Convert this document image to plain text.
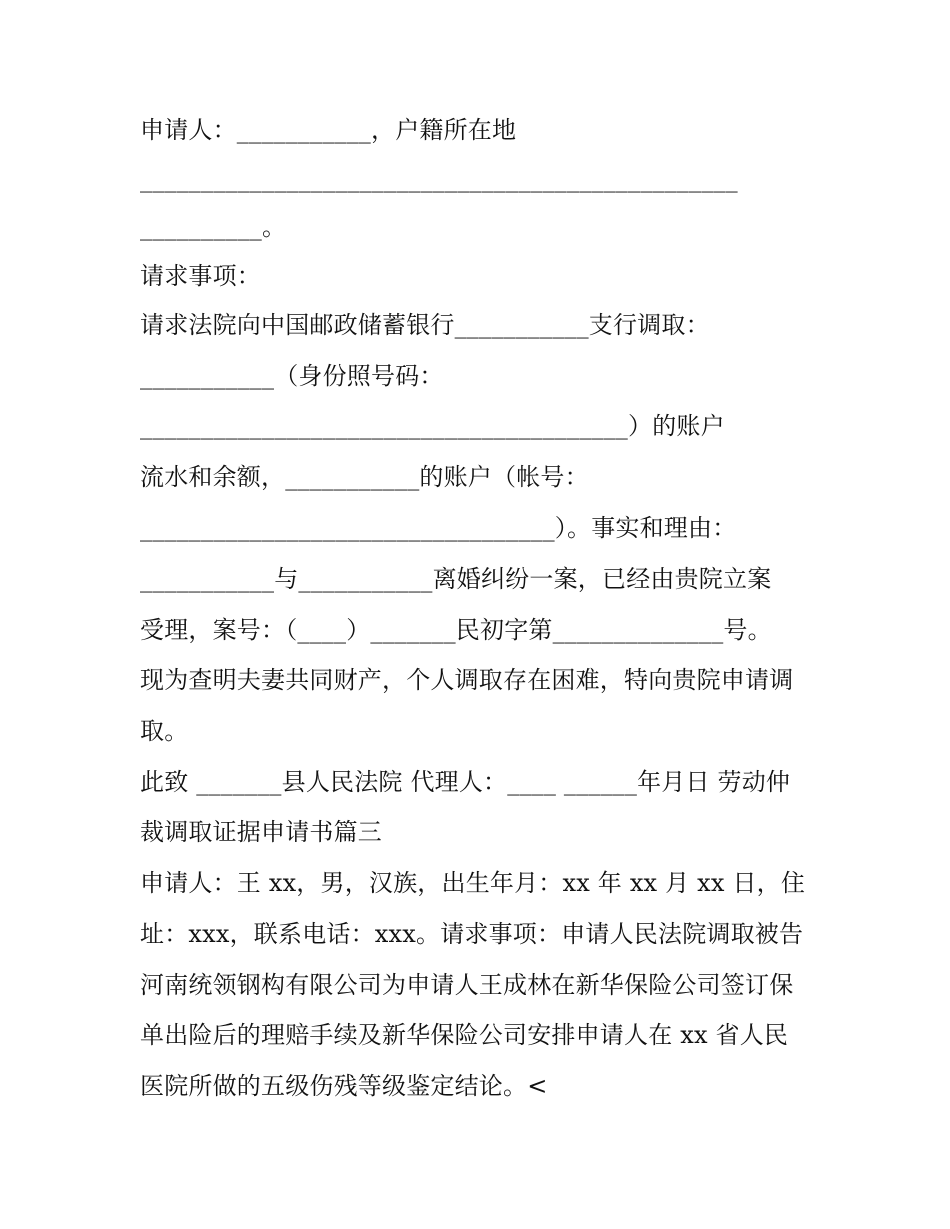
申请人：___________，户籍所在地
_________________________________________________
__________。
请求事项：
请求法院向中国邮政储蓄银行___________支行调取：
___________（身份照号码：
________________________________________）的账户
流水和余额，___________的账户（帐号：
__________________________________）。事实和理由：
___________与___________离婚纠纷一案，已经由贵院立案
受理，案号：（____）_______民初字第______________号。
现为查明夫妻共同财产，个人调取存在困难，特向贵院申请调
取。
此致 _______县人民法院 代理人：____ ______年月日 劳动仲
裁调取证据申请书篇三
申请人：王 xx，男，汉族，出生年月：xx 年 xx 月 xx 日，住
址：xxx，联系电话：xxx。请求事项：申请人民法院调取被告
河南统领钢构有限公司为申请人王成林在新华保险公司签订保
单出险后的理赔手续及新华保险公司安排申请人在 xx 省人民
医院所做的五级伤残等级鉴定结论。<
